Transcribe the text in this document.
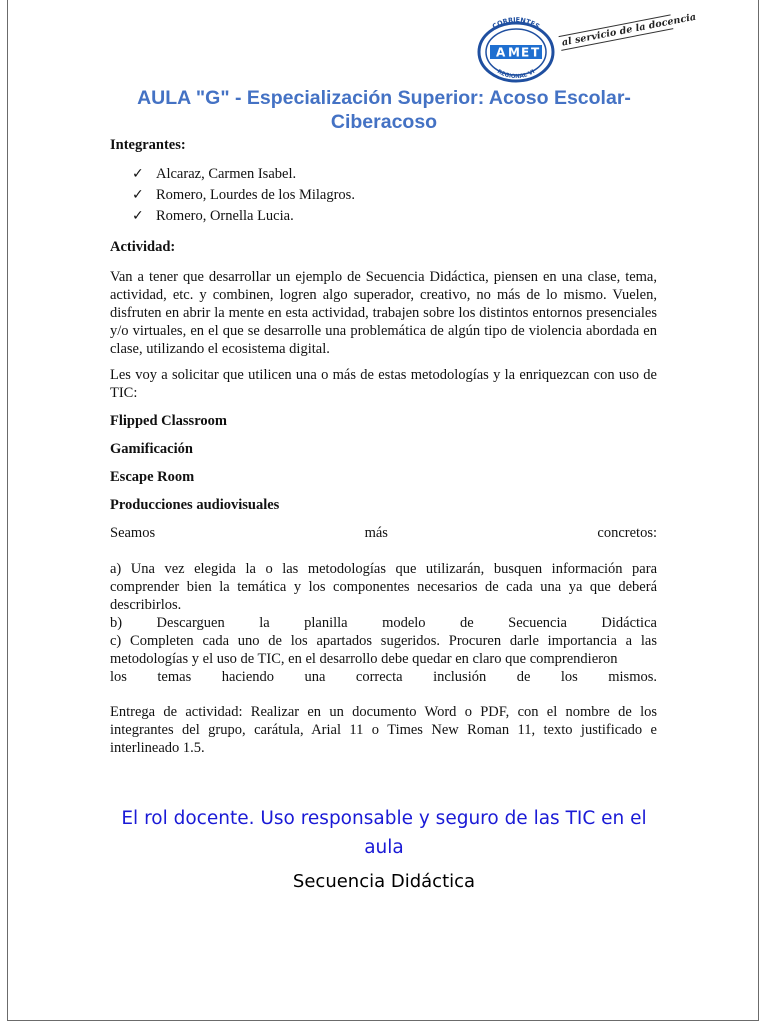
CORRIENTES
REGIONAL VI
A M E T
al servicio de la docencia
AULA "G" - Especialización Superior: Acoso Escolar-
Ciberacoso

Integrantes:

✓ Alcaraz, Carmen Isabel.
✓ Romero, Lourdes de los Milagros.
✓ Romero, Ornella Lucia.

Actividad:

Van a tener que desarrollar un ejemplo de Secuencia Didáctica, piensen en una clase, tema, actividad, etc. y combinen, logren algo superador, creativo, no más de lo mismo. Vuelen, disfruten en abrir la mente en esta actividad, trabajen sobre los distintos entornos presenciales y/o virtuales, en el que se desarrolle una problemática de algún tipo de violencia abordada en clase, utilizando el ecosistema digital.

Les voy a solicitar que utilicen una o más de estas metodologías y la enriquezcan con uso de TIC:

Flipped Classroom

Gamificación

Escape Room

Producciones audiovisuales

Seamos	más	concretos:

a) Una vez elegida la o las metodologías que utilizarán, busquen información para comprender bien la temática y los componentes necesarios de cada una ya que deberá describirlos.

b) Descarguen la planilla modelo de Secuencia Didáctica

c) Completen cada uno de los apartados sugeridos. Procuren darle importancia a las metodologías y el uso de TIC, en el desarrollo debe quedar en claro que comprendieron

los temas haciendo una correcta inclusión de los mismos.

Entrega de actividad: Realizar en un documento Word o PDF, con el nombre de los integrantes del grupo, carátula, Arial 11 o Times New Roman 11, texto justificado e interlineado 1.5.

El rol docente. Uso responsable y seguro de las TIC en el
aula
Secuencia Didáctica
